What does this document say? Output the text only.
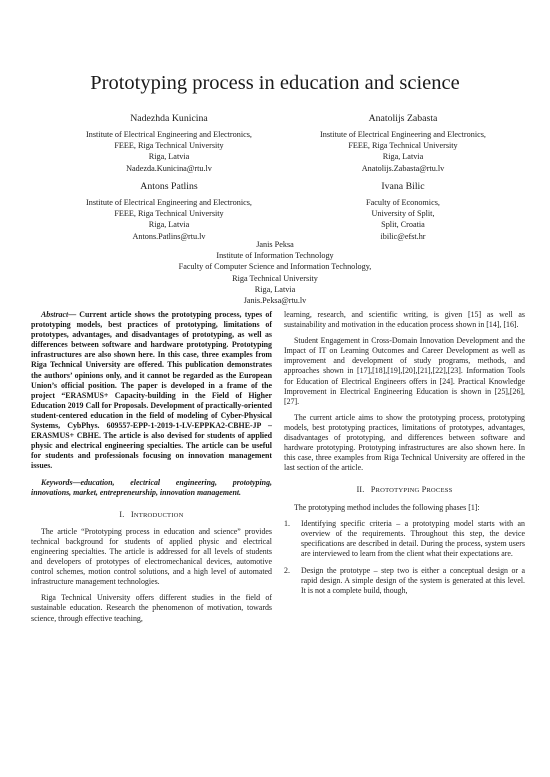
Prototyping process in education and science
Nadezhda Kunicina
Institute of Electrical Engineering and Electronics,
FEEE, Riga Technical University
Riga, Latvia
Nadezda.Kunicina@rtu.lv
Anatolijs Zabasta
Institute of Electrical Engineering and Electronics,
FEEE, Riga Technical University
Riga, Latvia
Anatolijs.Zabasta@rtu.lv
Antons Patlins
Institute of Electrical Engineering and Electronics,
FEEE, Riga Technical University
Riga, Latvia
Antons.Patlins@rtu.lv
Ivana Bilic
Faculty of Economics,
University of Split,
Split, Croatia
ibilic@efst.hr
Janis Peksa
Institute of Information Technology
Faculty of Computer Science and Information Technology,
Riga Technical University
Riga, Latvia
Janis.Peksa@rtu.lv

Abstract— Current article shows the prototyping process, types of prototyping models, best practices of prototyping, limitations of prototypes, advantages, and disadvantages of prototyping, as well as differences between software and hardware prototyping. Prototyping infrastructures are also shown here. In this case, three examples from Riga Technical University are offered. This publication demonstrates the authors’ opinions only, and it cannot be regarded as the European Union’s official position. The paper is developed in a frame of the project “ERASMUS+ Capacity-building in the Field of Higher Education 2019 Call for Proposals. Development of practically-oriented student-centered education in the field of modeling of Cyber-Physical Systems, CybPhys. 609557-EPP-1-2019-1-LV-EPPKA2-CBHE-JP – ERASMUS+ CBHE. The article is also devised for students of applied physic and electrical engineering specialties. The article can be useful for students and professionals focusing on innovation management issues.

Keywords—education, electrical engineering, prototyping, innovations, market, entrepreneurship, innovation management.

I. INTRODUCTION

The article “Prototyping process in education and science” provides technical background for students of applied physic and electrical engineering specialties. The article is addressed for all levels of students and developers of prototypes of electromechanical devices, automotive control schemes, motion control solutions, and a high level of automated infrastructure management technologies.

Riga Technical University offers different studies in the field of sustainable education. Research the phenomenon of motivation, towards science, through effective teaching,

learning, research, and scientific writing, is given [15] as well as sustainability and motivation in the education process shown in [14], [16].

Student Engagement in Cross-Domain Innovation Development and the Impact of IT on Learning Outcomes and Career Development as well as improvement and development of study programs, methods, and approaches shown in [17],[18],[19],[20],[21],[22],[23]. Information Tools for Education of Electrical Engineers offers in [24]. Practical Knowledge Improvement in Electrical Engineering Education is shown in [25],[26],[27].

The current article aims to show the prototyping process, prototyping models, best prototyping practices, limitations of prototypes, advantages, disadvantages of prototyping, and differences between software and hardware prototyping. Prototyping infrastructures are also shown here. In this case, three examples from Riga Technical University are offered in the last section of the article.

II. PROTOTYPING PROCESS

The prototyping method includes the following phases [1]:

1. Identifying specific criteria – a prototyping model starts with an overview of the requirements. Throughout this step, the device specifications are described in detail. During the process, system users are interviewed to learn from the client what their expectations are.
2. Design the prototype – step two is either a conceptual design or a rapid design. A simple design of the system is generated at this level. It is not a complete build, though,
